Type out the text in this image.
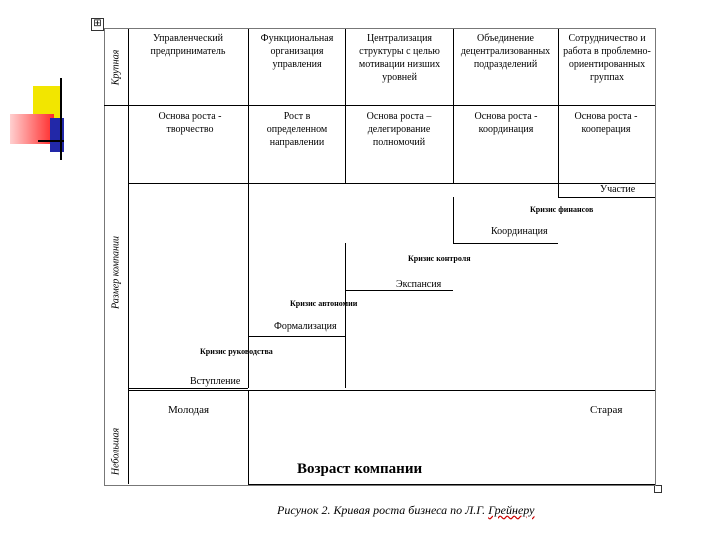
⊞
Крупная
Размер компании
Небольшая
Управленческий предприниматель
Функциональная организация управления
Централизация структуры с целью мотивации низших уровней
Объединение децентрализованных подразделений
Сотрудничество и работа в проблемно-ориентированных группах
Основа роста - творчество
Рост в определенном направлении
Основа роста – делегирование полномочий
Основа роста - координация
Основа роста - кооперация
Вступление
Формализация
Экспансия
Координация
Участие
Кризис руководства
Кризис автономии
Кризис контроля
Кризис финансов
Молодая	Старая
Возраст компании
Рисунок 2. Кривая роста бизнеса по Л.Г. Грейнеру
